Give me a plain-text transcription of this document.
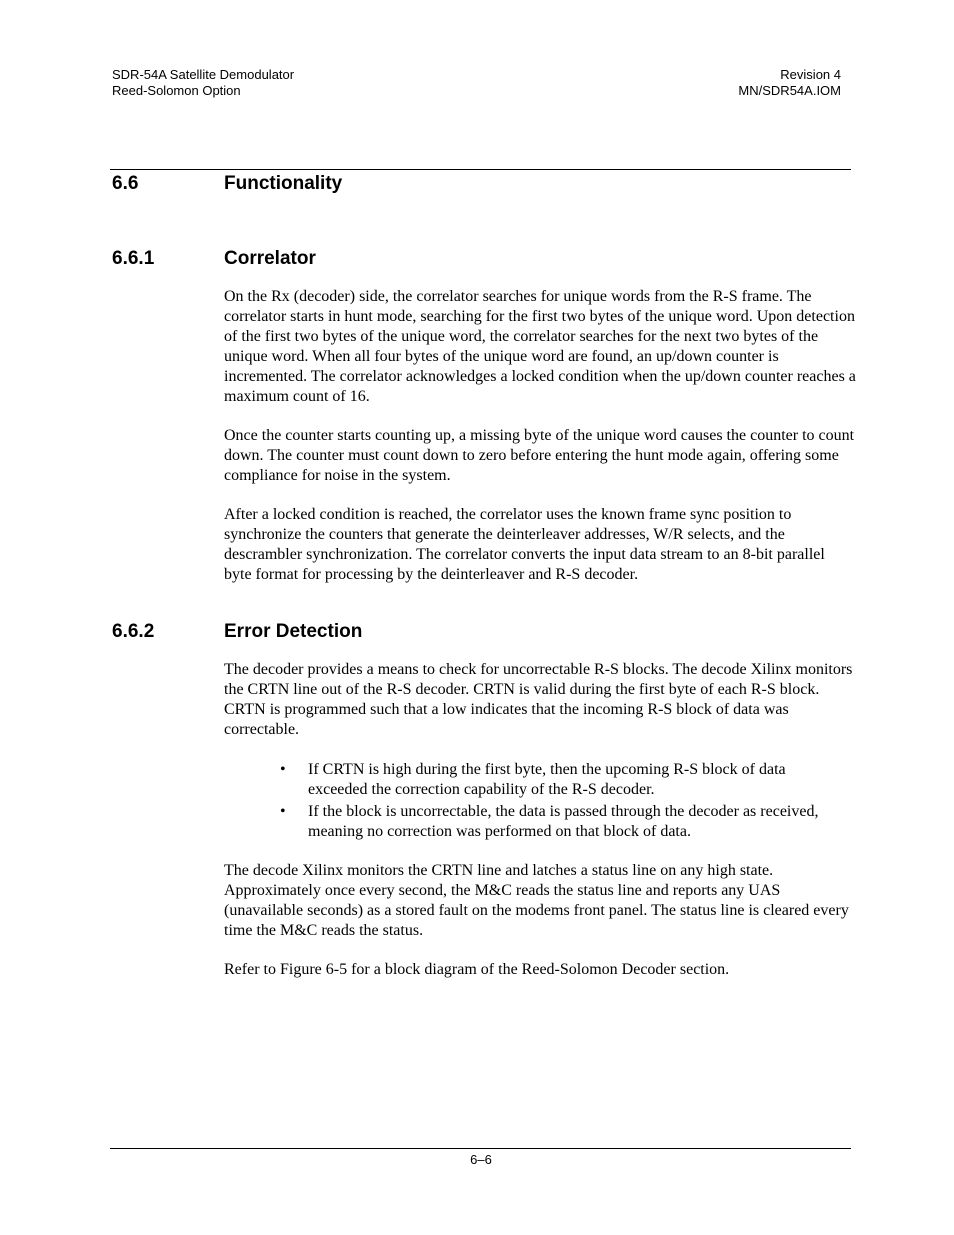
SDR-54A Satellite Demodulator
Reed-Solomon Option
Revision 4
MN/SDR54A.IOM
6.6	Functionality
6.6.1	Correlator

On the Rx (decoder) side, the correlator searches for unique words from the R-S frame. The correlator starts in hunt mode, searching for the first two bytes of the unique word. Upon detection of the first two bytes of the unique word, the correlator searches for the next two bytes of the unique word. When all four bytes of the unique word are found, an up/down counter is incremented. The correlator acknowledges a locked condition when the up/down counter reaches a maximum count of 16.

Once the counter starts counting up, a missing byte of the unique word causes the counter to count down. The counter must count down to zero before entering the hunt mode again, offering some compliance for noise in the system.

After a locked condition is reached, the correlator uses the known frame sync position to synchronize the counters that generate the deinterleaver addresses, W/R selects, and the descrambler synchronization. The correlator converts the input data stream to an 8-bit parallel byte format for processing by the deinterleaver and R-S decoder.

6.6.2	Error Detection

The decoder provides a means to check for uncorrectable R-S blocks. The decode Xilinx monitors the CRTN line out of the R-S decoder. CRTN is valid during the first byte of each R-S block. CRTN is programmed such that a low indicates that the incoming R-S block of data was correctable.

• If CRTN is high during the first byte, then the upcoming R-S block of data exceeded the correction capability of the R-S decoder.
• If the block is uncorrectable, the data is passed through the decoder as received, meaning no correction was performed on that block of data.

The decode Xilinx monitors the CRTN line and latches a status line on any high state. Approximately once every second, the M&C reads the status line and reports any UAS (unavailable seconds) as a stored fault on the modems front panel. The status line is cleared every time the M&C reads the status.

Refer to Figure 6-5 for a block diagram of the Reed-Solomon Decoder section.

6–6
